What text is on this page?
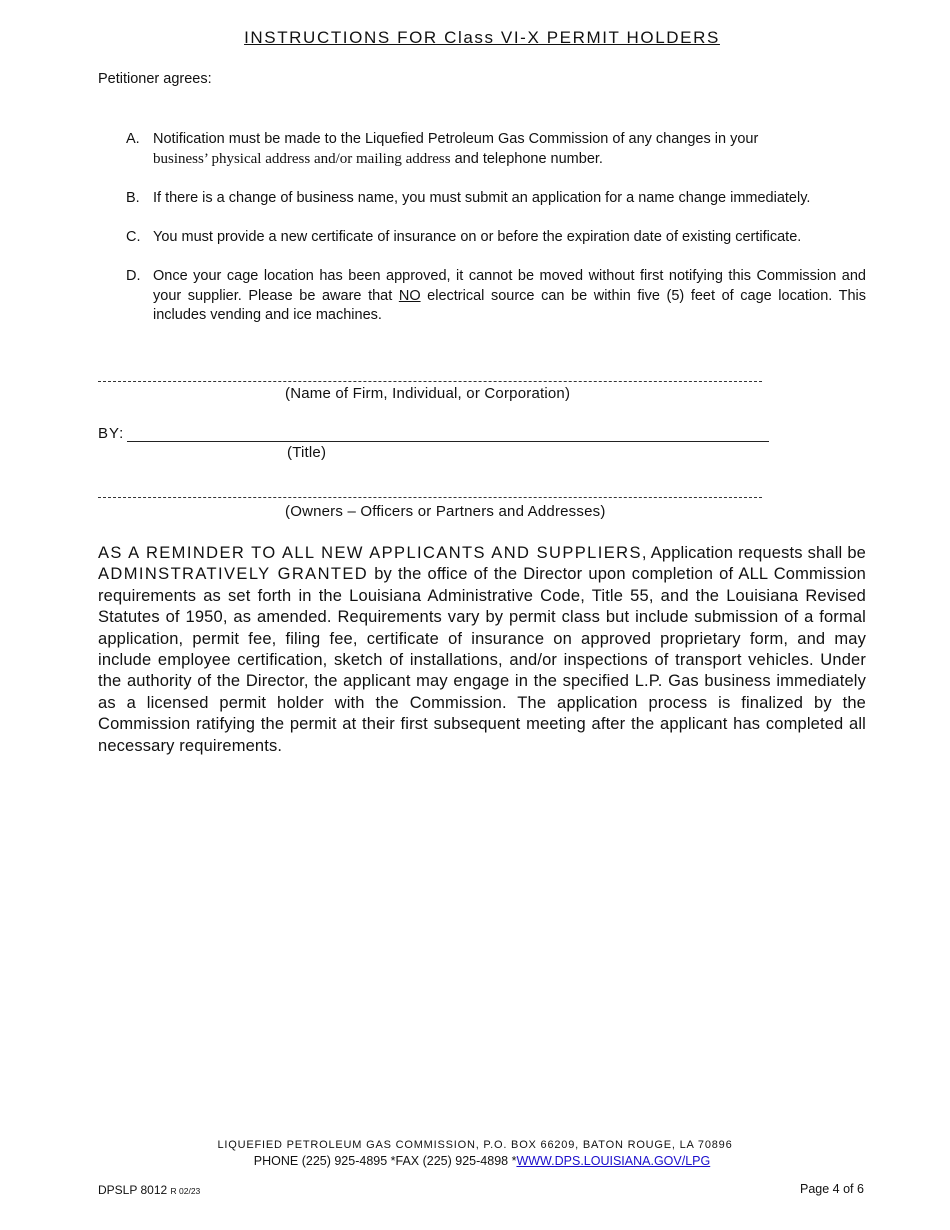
INSTRUCTIONS FOR Class VI-X PERMIT HOLDERS
Petitioner agrees:
A. Notification must be made to the Liquefied Petroleum Gas Commission of any changes in your
business’ physical address and/or mailing address and telephone number.
B. If there is a change of business name, you must submit an application for a name change immediately.
C. You must provide a new certificate of insurance on or before the expiration date of existing certificate.
D. Once your cage location has been approved, it cannot be moved without first notifying this Commission and your supplier. Please be aware that NO electrical source can be within five (5) feet of cage location. This includes vending and ice machines.
(Name of Firm, Individual, or Corporation)
BY:
(Title)
(Owners – Officers or Partners and Addresses)
AS A REMINDER TO ALL NEW APPLICANTS AND SUPPLIERS, Application requests shall be ADMINSTRATIVELY GRANTED by the office of the Director upon completion of ALL Commission requirements as set forth in the Louisiana Administrative Code, Title 55, and the Louisiana Revised Statutes of 1950, as amended. Requirements vary by permit class but include submission of a formal application, permit fee, filing fee, certificate of insurance on approved proprietary form, and may include employee certification, sketch of installations, and/or inspections of transport vehicles. Under the authority of the Director, the applicant may engage in the specified L.P. Gas business immediately as a licensed permit holder with the Commission. The application process is finalized by the Commission ratifying the permit at their first subsequent meeting after the applicant has completed all necessary requirements.
LIQUEFIED PETROLEUM GAS COMMISSION, P.O. BOX 66209, BATON ROUGE, LA 70896
PHONE (225) 925-4895 *FAX (225) 925-4898 *WWW.DPS.LOUISIANA.GOV/LPG
DPSLP 8012 R 02/23	Page 4 of 6
